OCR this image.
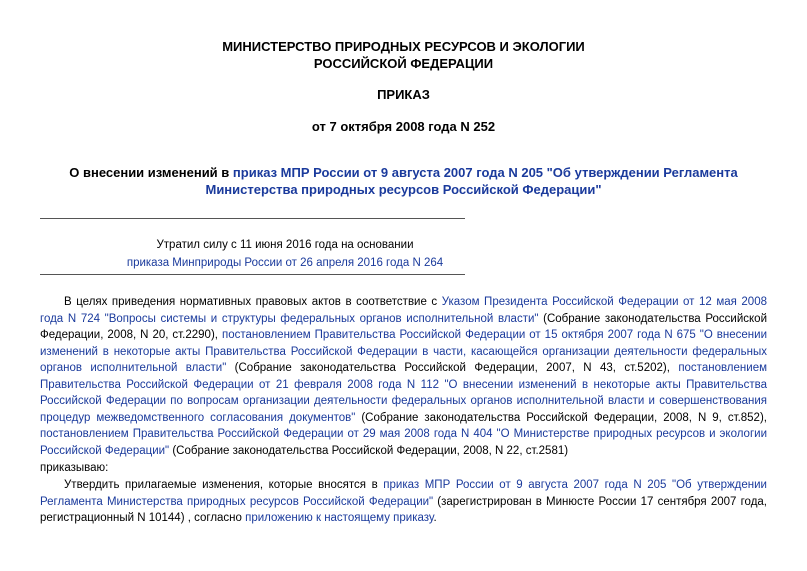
МИНИСТЕРСТВО ПРИРОДНЫХ РЕСУРСОВ И ЭКОЛОГИИ
РОССИЙСКОЙ ФЕДЕРАЦИИ
ПРИКАЗ
от 7 октября 2008 года N 252
О внесении изменений в приказ МПР России от 9 августа 2007 года N 205 "Об утверждении Регламента
Министерства природных ресурсов Российской Федерации"
Утратил силу с 11 июня 2016 года на основании
приказа Минприроды России от 26 апреля 2016 года N 264
В целях приведения нормативных правовых актов в соответствие с Указом Президента Российской Федерации от 12 мая 2008 года N 724 "Вопросы системы и структуры федеральных органов исполнительной власти" (Собрание законодательства Российской Федерации, 2008, N 20, ст.2290), постановлением Правительства Российской Федерации от 15 октября 2007 года N 675 "О внесении изменений в некоторые акты Правительства Российской Федерации в части, касающейся организации деятельности федеральных органов исполнительной власти" (Собрание законодательства Российской Федерации, 2007, N 43, ст.5202), постановлением Правительства Российской Федерации от 21 февраля 2008 года N 112 "О внесении изменений в некоторые акты Правительства Российской Федерации по вопросам организации деятельности федеральных органов исполнительной власти и совершенствования процедур межведомственного согласования документов" (Собрание законодательства Российской Федерации, 2008, N 9, ст.852), постановлением Правительства Российской Федерации от 29 мая 2008 года N 404 "О Министерстве природных ресурсов и экологии Российской Федерации" (Собрание законодательства Российской Федерации, 2008, N 22, ст.2581)
приказываю:
Утвердить прилагаемые изменения, которые вносятся в приказ МПР России от 9 августа 2007 года N 205 "Об утверждении Регламента Министерства природных ресурсов Российской Федерации" (зарегистрирован в Минюсте России 17 сентября 2007 года, регистрационный N 10144) , согласно приложению к настоящему приказу.
